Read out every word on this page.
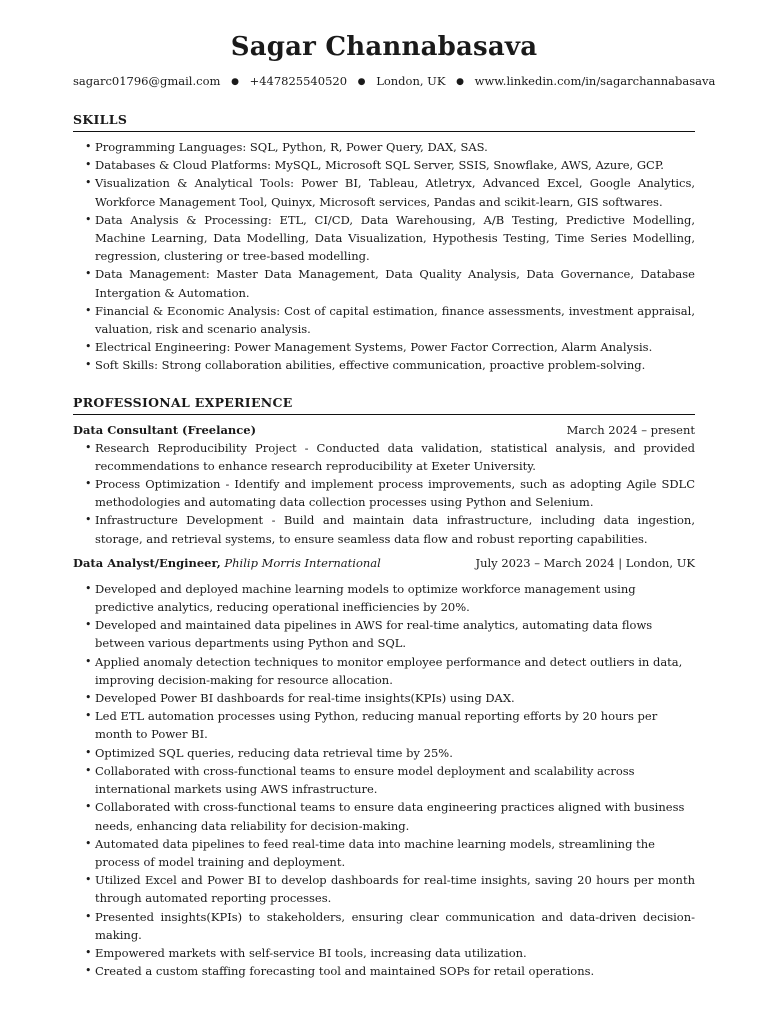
Sagar Channabasava
sagarc01796@gmail.com ● +447825540520 ● London, UK ● www.linkedin.com/in/sagarchannabasava
SKILLS
• Programming Languages: SQL, Python, R, Power Query, DAX, SAS.
• Databases & Cloud Platforms: MySQL, Microsoft SQL Server, SSIS, Snowflake, AWS, Azure, GCP.
• Visualization & Analytical Tools: Power BI, Tableau, Atletryx, Advanced Excel, Google Analytics, Workforce Management Tool, Quinyx, Microsoft services, Pandas and scikit-learn, GIS softwares.
• Data Analysis & Processing: ETL, CI/CD, Data Warehousing, A/B Testing, Predictive Modelling, Machine Learning, Data Modelling, Data Visualization, Hypothesis Testing, Time Series Modelling, regression, clustering or tree-based modelling.
• Data Management: Master Data Management, Data Quality Analysis, Data Governance, Database Intergation & Automation.
• Financial & Economic Analysis: Cost of capital estimation, finance assessments, investment appraisal, valuation, risk and scenario analysis.
• Electrical Engineering: Power Management Systems, Power Factor Correction, Alarm Analysis.
• Soft Skills: Strong collaboration abilities, effective communication, proactive problem-solving.
PROFESSIONAL EXPERIENCE
Data Consultant (Freelance)	March 2024 – present
• Research Reproducibility Project - Conducted data validation, statistical analysis, and provided recommendations to enhance research reproducibility at Exeter University.
• Process Optimization - Identify and implement process improvements, such as adopting Agile SDLC methodologies and automating data collection processes using Python and Selenium.
• Infrastructure Development - Build and maintain data infrastructure, including data ingestion, storage, and retrieval systems, to ensure seamless data flow and robust reporting capabilities.
Data Analyst/Engineer, Philip Morris International	July 2023 – March 2024 | London, UK
• Developed and deployed machine learning models to optimize workforce management using predictive analytics, reducing operational inefficiencies by 20%.
• Developed and maintained data pipelines in AWS for real-time analytics, automating data flows between various departments using Python and SQL.
• Applied anomaly detection techniques to monitor employee performance and detect outliers in data, improving decision-making for resource allocation.
• Developed Power BI dashboards for real-time insights(KPIs) using DAX.
• Led ETL automation processes using Python, reducing manual reporting efforts by 20 hours per month to Power BI.
• Optimized SQL queries, reducing data retrieval time by 25%.
• Collaborated with cross-functional teams to ensure model deployment and scalability across international markets using AWS infrastructure.
• Collaborated with cross-functional teams to ensure data engineering practices aligned with business needs, enhancing data reliability for decision-making.
• Automated data pipelines to feed real-time data into machine learning models, streamlining the process of model training and deployment.
• Utilized Excel and Power BI to develop dashboards for real-time insights, saving 20 hours per month through automated reporting processes.
• Presented insights(KPIs) to stakeholders, ensuring clear communication and data-driven decision-making.
• Empowered markets with self-service BI tools, increasing data utilization.
• Created a custom staffing forecasting tool and maintained SOPs for retail operations.
